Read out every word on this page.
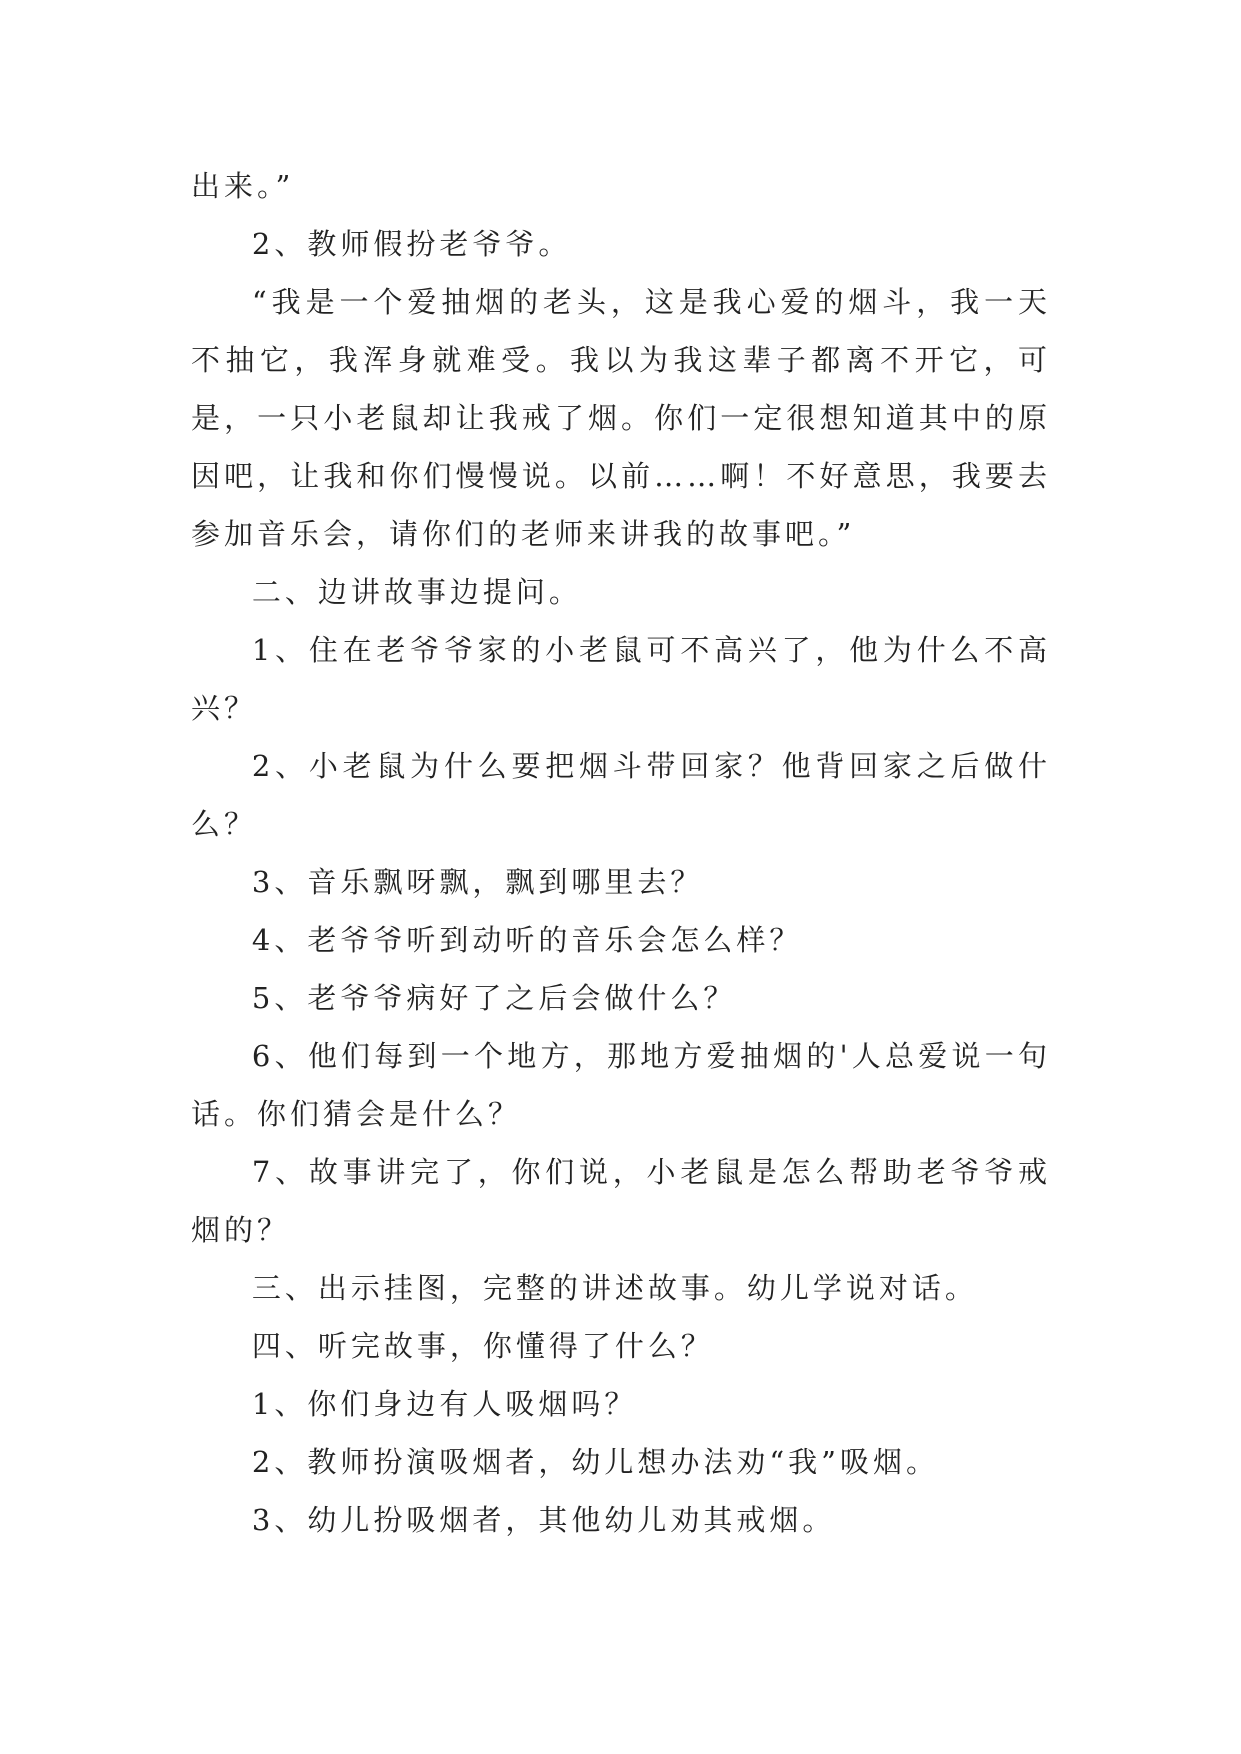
出来。”

2、教师假扮老爷爷。

“我是一个爱抽烟的老头，这是我心爱的烟斗，我一天不抽它，我浑身就难受。我以为我这辈子都离不开它，可是，一只小老鼠却让我戒了烟。你们一定很想知道其中的原因吧，让我和你们慢慢说。以前……啊！不好意思，我要去参加音乐会，请你们的老师来讲我的故事吧。”

二、边讲故事边提问。

1、住在老爷爷家的小老鼠可不高兴了，他为什么不高兴？

2、小老鼠为什么要把烟斗带回家？他背回家之后做什么？

3、音乐飘呀飘，飘到哪里去？

4、老爷爷听到动听的音乐会怎么样？

5、老爷爷病好了之后会做什么？

6、他们每到一个地方，那地方爱抽烟的'人总爱说一句话。你们猜会是什么？

7、故事讲完了，你们说，小老鼠是怎么帮助老爷爷戒烟的？

三、出示挂图，完整的讲述故事。幼儿学说对话。

四、听完故事，你懂得了什么？

1、你们身边有人吸烟吗？

2、教师扮演吸烟者，幼儿想办法劝“我”吸烟。

3、幼儿扮吸烟者，其他幼儿劝其戒烟。
